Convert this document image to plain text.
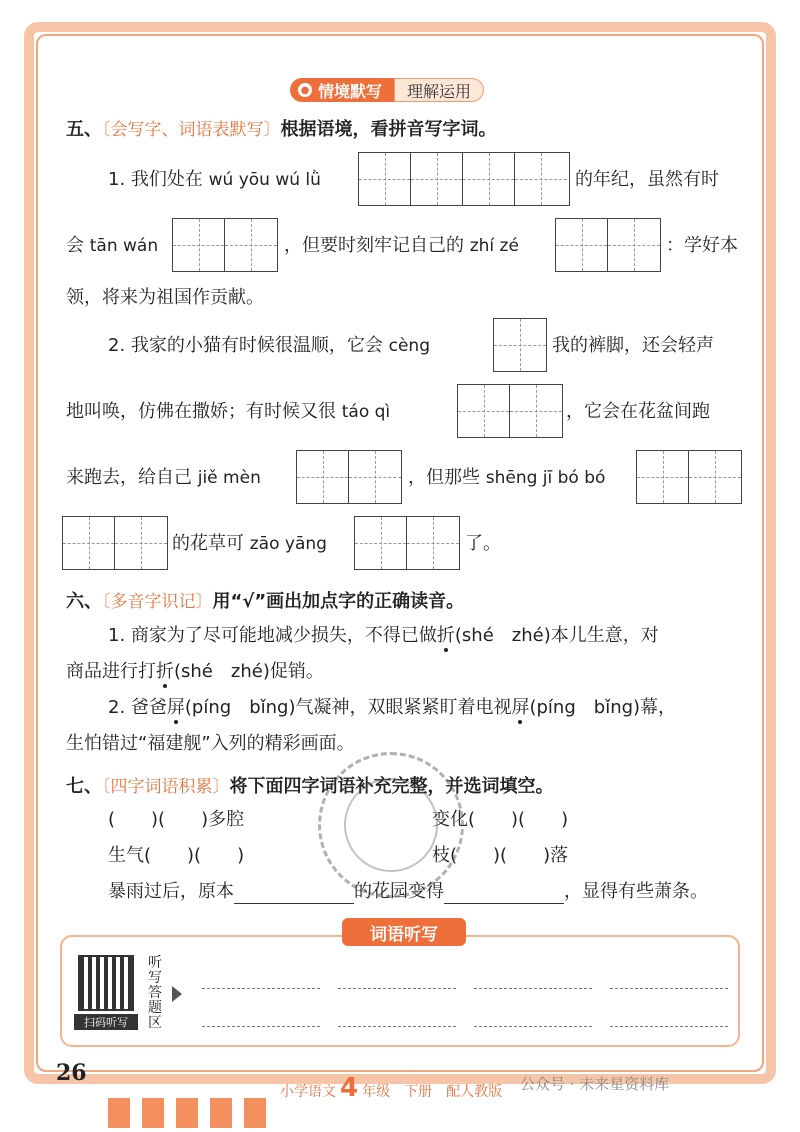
● 情境默写	理解运用
五、〔会写字、词语表默写〕根据语境，看拼音写字词。
1. 我们处在 wú yōu wú lǜ	的年纪，虽然有时
会 tān wán	，但要时刻牢记自己的 zhí zé	：学好本
领，将来为祖国作贡献。
2. 我家的小猫有时候很温顺，它会 cèng	我的裤脚，还会轻声
地叫唤，仿佛在撒娇；有时候又很 táo qì	，它会在花盆间跑
来跑去，给自己 jiě mèn	，但那些 shēng jī bó bó
的花草可 zāo yāng	了。
六、〔多音字识记〕用“√”画出加点字的正确读音。
1. 商家为了尽可能地减少损失，不得已做折(shé　zhé)本儿生意，对
商品进行打折(shé　zhé)促销。
2. 爸爸屏(píng　bǐng)气凝神，双眼紧紧盯着电视屏(píng　bǐng)幕，
生怕错过“福建舰”入列的精彩画面。
七、〔四字词语积累〕将下面四字词语补充完整，并选词填空。
(　　)(　　)多腔	变化(　　)(　　)
生气(　　)(　　)	枝(　　)(　　)落
暴雨过后，原本	的花园变得	，显得有些萧条。
词语听写
扫码听写
听写答题区
26
小学语文 4 年级　 下册　 配人教版 公众号 · 未来星资料库
